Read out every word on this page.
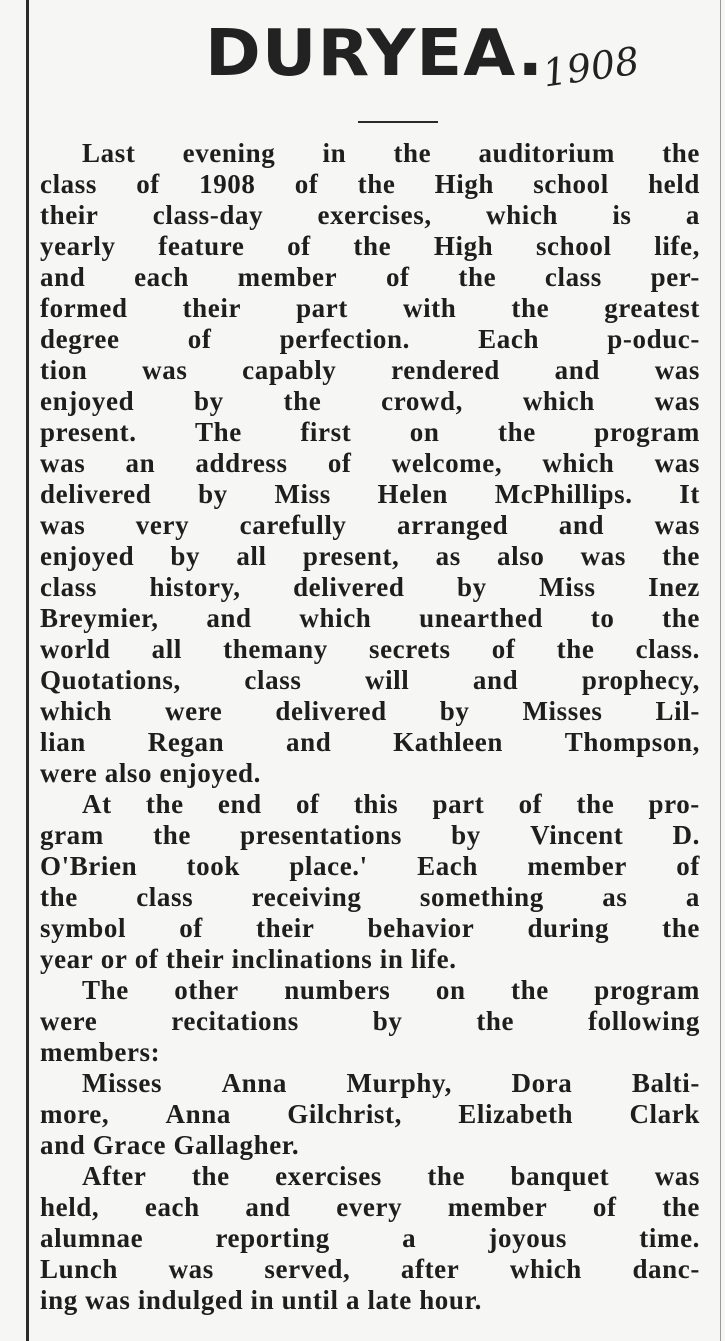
DURYEA.
1908
Last evening in the auditorium the
class of 1908 of the High school held
their class-day exercises, which is a
yearly feature of the High school life,
and each member of the class per-
formed their part with the greatest
degree	of	perfection.	Each	p-oduc-
tion was capably rendered and was
enjoyed by the crowd, which was
present. The first on the program
was an address of welcome, which was
delivered by Miss Helen McPhillips. It
was very carefully arranged and was
enjoyed by all present, as also was the
class history, delivered by Miss Inez
Breymier, and which unearthed to the
world all themany secrets of the class.
Quotations, class will and prophecy,
which were delivered by Misses Lil-
lian Regan and Kathleen Thompson,
were also enjoyed.
At the end of this part of the pro-
gram the presentations by Vincent D.
O'Brien took place.' Each member of
the class receiving something as a
symbol of their behavior during the
year or of their inclinations in life.
The other numbers on the program
were	recitations	by	the	following
members:
Misses Anna Murphy, Dora Balti-
more, Anna Gilchrist, Elizabeth Clark
and Grace Gallagher.
After the exercises the banquet was
held, each and every member of the
alumnae	reporting	a	joyous	time.
Lunch was served, after which danc-
ing was indulged in until a late hour.
